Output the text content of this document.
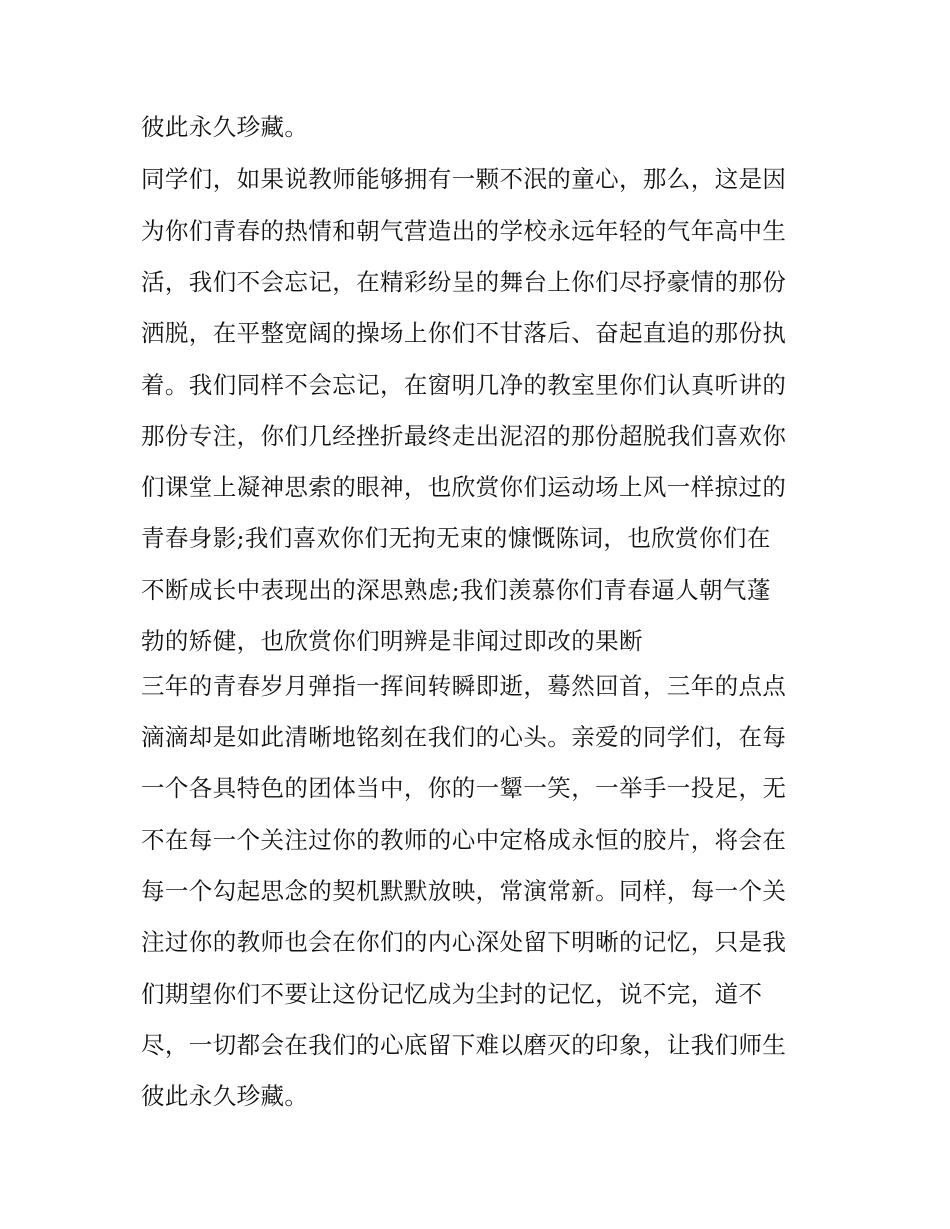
彼此永久珍藏。
同学们，如果说教师能够拥有一颗不泯的童心，那么，这是因
为你们青春的热情和朝气营造出的学校永远年轻的气年高中生
活，我们不会忘记，在精彩纷呈的舞台上你们尽抒豪情的那份
洒脱，在平整宽阔的操场上你们不甘落后、奋起直追的那份执
着。我们同样不会忘记，在窗明几净的教室里你们认真听讲的
那份专注，你们几经挫折最终走出泥沼的那份超脱我们喜欢你
们课堂上凝神思索的眼神，也欣赏你们运动场上风一样掠过的
青春身影;我们喜欢你们无拘无束的慷慨陈词，也欣赏你们在
不断成长中表现出的深思熟虑;我们羡慕你们青春逼人朝气蓬
勃的矫健，也欣赏你们明辨是非闻过即改的果断
三年的青春岁月弹指一挥间转瞬即逝，蓦然回首，三年的点点
滴滴却是如此清晰地铭刻在我们的心头。亲爱的同学们，在每
一个各具特色的团体当中，你的一颦一笑，一举手一投足，无
不在每一个关注过你的教师的心中定格成永恒的胶片，将会在
每一个勾起思念的契机默默放映，常演常新。同样，每一个关
注过你的教师也会在你们的内心深处留下明晰的记忆，只是我
们期望你们不要让这份记忆成为尘封的记忆，说不完，道不
尽，一切都会在我们的心底留下难以磨灭的印象，让我们师生
彼此永久珍藏。
